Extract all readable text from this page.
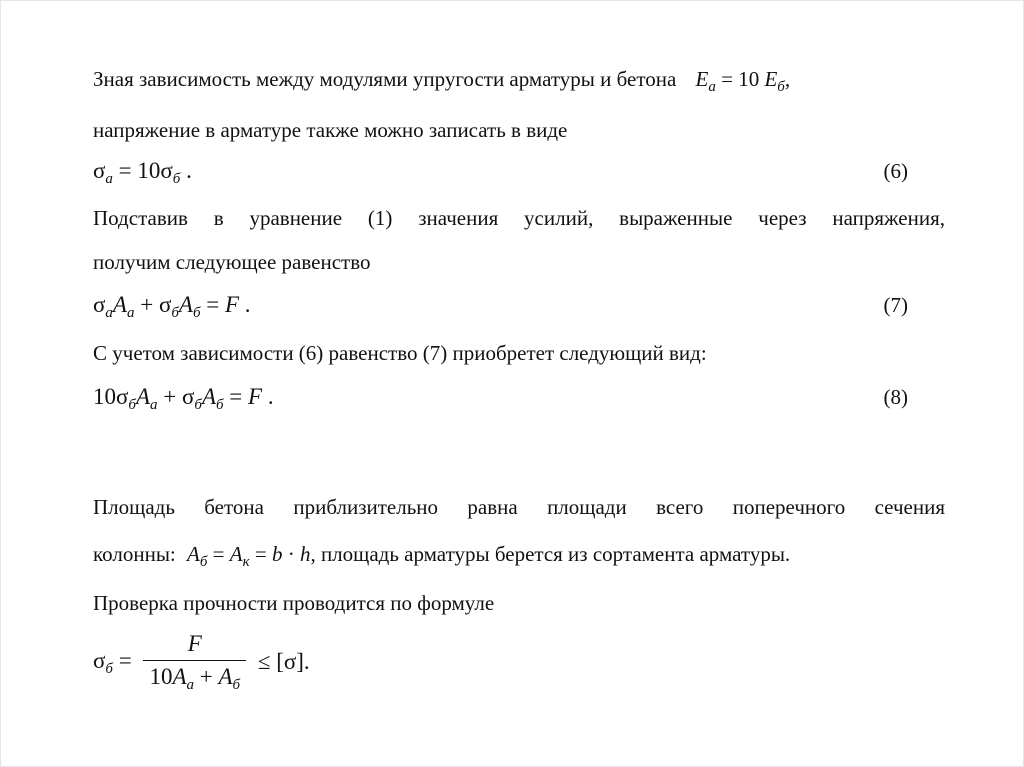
Зная зависимость между модулями упругости арматуры и бетона $E_a = 10$ $E_б$,
напряжение в арматуре также можно записать в виде
$\sigma_a = 10\sigma_б$ .	(6)
Подставив в уравнение (1) значения усилий, выраженные через напряжения,
получим следующее равенство
$\sigma_aA_a + \sigma_бA_б = F$ .	(7)
С учетом зависимости (6) равенство (7) приобретет следующий вид:
$10\sigma_бA_a + \sigma_бA_б = F$ .	(8)
Площадь бетона приблизительно равна площади всего поперечного сечения
колонны: $A_б = A_к = b \cdot h$, площадь арматуры берется из сортамента арматуры.
Проверка прочности проводится по формуле
$\sigma_б = \frac{F}{10A_a + A_б} \le [\sigma]$.
